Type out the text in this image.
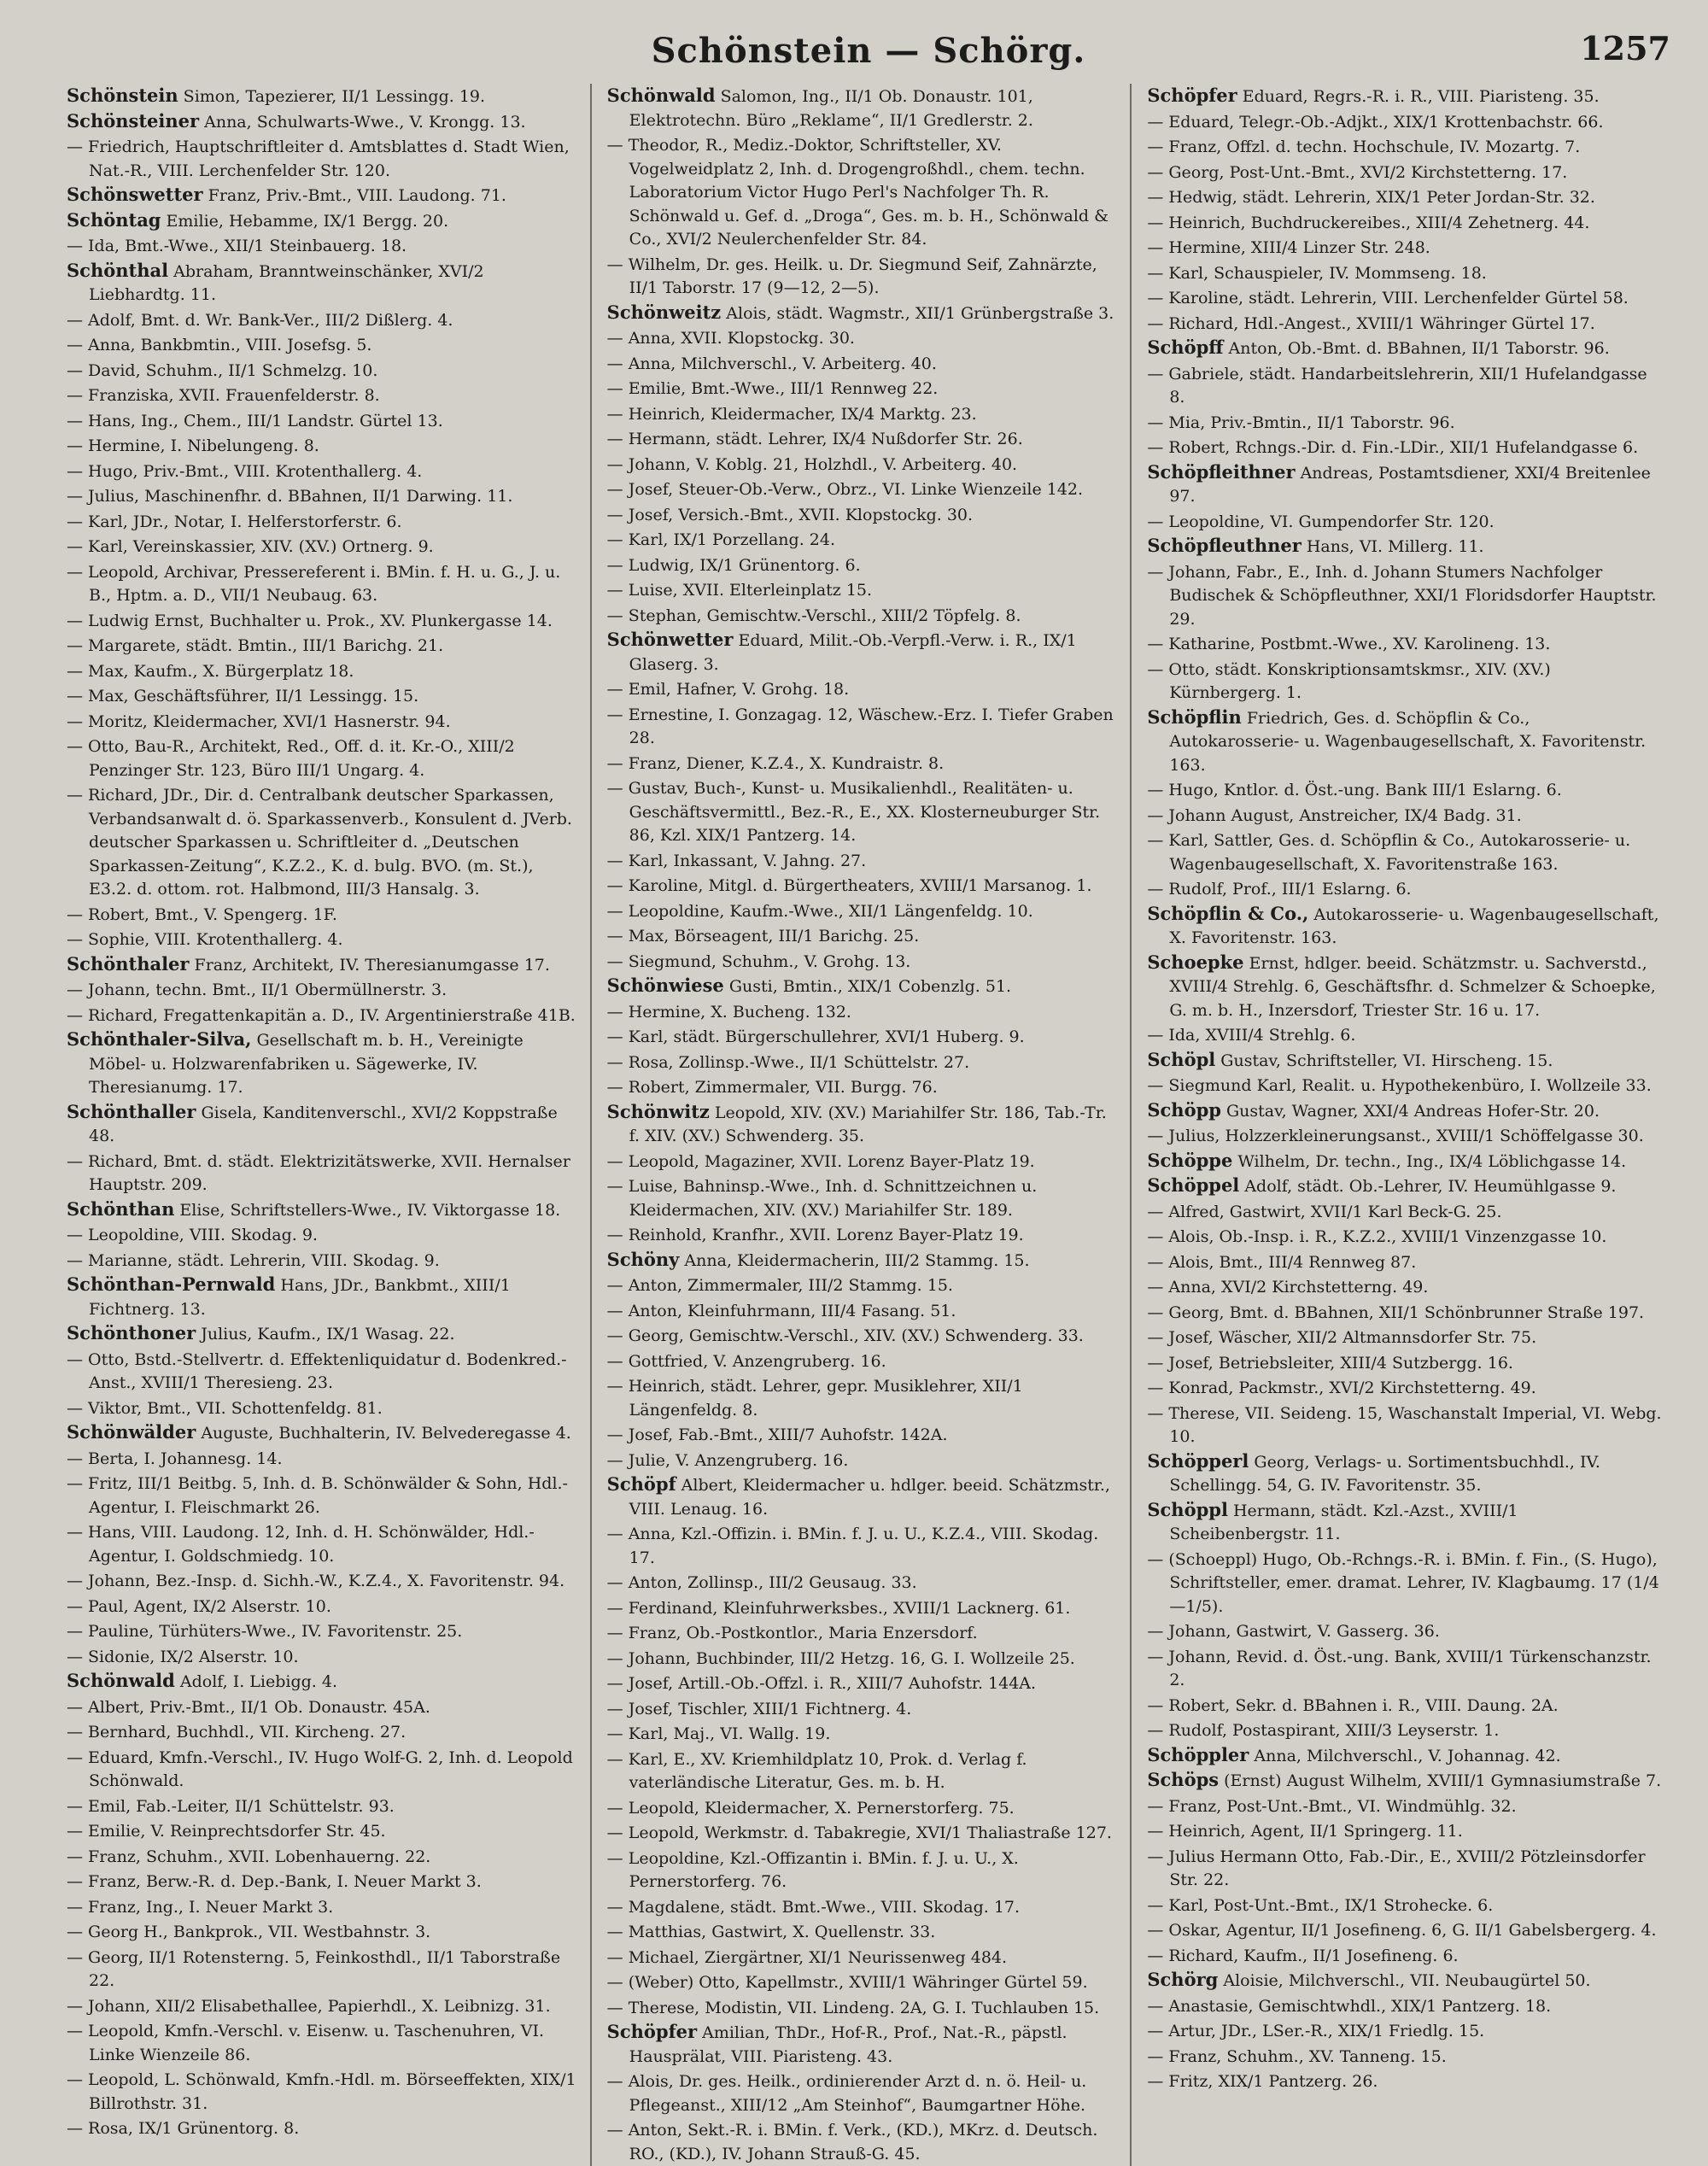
Schönstein — Schörg.	1257

Schönstein Simon, Tapezierer, II/1 Lessingg. 19.

Schönsteiner Anna, Schulwarts-Wwe., V. Krongg. 13.

— Friedrich, Hauptschriftleiter d. Amtsblattes d. Stadt Wien, Nat.-R., VIII. Lerchenfelder Str. 120.

Schönswetter Franz, Priv.-Bmt., VIII. Laudong. 71.

Schöntag Emilie, Hebamme, IX/1 Bergg. 20.

— Ida, Bmt.-Wwe., XII/1 Steinbauerg. 18.

Schönthal Abraham, Branntweinschänker, XVI/2 Liebhardtg. 11.

— Adolf, Bmt. d. Wr. Bank-Ver., III/2 Dißlerg. 4.

— Anna, Bankbmtin., VIII. Josefsg. 5.

— David, Schuhm., II/1 Schmelzg. 10.

— Franziska, XVII. Frauenfelderstr. 8.

— Hans, Ing., Chem., III/1 Landstr. Gürtel 13.

— Hermine, I. Nibelungeng. 8.

— Hugo, Priv.-Bmt., VIII. Krotenthallerg. 4.

— Julius, Maschinenfhr. d. BBahnen, II/1 Darwing. 11.

— Karl, JDr., Notar, I. Helferstorferstr. 6.

— Karl, Vereinskassier, XIV. (XV.) Ortnerg. 9.

— Leopold, Archivar, Pressereferent i. BMin. f. H. u. G., J. u. B., Hptm. a. D., VII/1 Neubaug. 63.

— Ludwig Ernst, Buchhalter u. Prok., XV. Plunkergasse 14.

— Margarete, städt. Bmtin., III/1 Barichg. 21.

— Max, Kaufm., X. Bürgerplatz 18.

— Max, Geschäftsführer, II/1 Lessingg. 15.

— Moritz, Kleidermacher, XVI/1 Hasnerstr. 94.

— Otto, Bau-R., Architekt, Red., Off. d. it. Kr.-O., XIII/2 Penzinger Str. 123, Büro III/1 Ungarg. 4.

— Richard, JDr., Dir. d. Centralbank deutscher Sparkassen, Verbandsanwalt d. ö. Sparkassenverb., Konsulent d. JVerb. deutscher Sparkassen u. Schriftleiter d. „Deutschen Sparkassen-Zeitung“, K.Z.2., K. d. bulg. BVO. (m. St.), E3.2. d. ottom. rot. Halbmond, III/3 Hansalg. 3.

— Robert, Bmt., V. Spengerg. 1F.

— Sophie, VIII. Krotenthallerg. 4.

Schönthaler Franz, Architekt, IV. Theresianumgasse 17.

— Johann, techn. Bmt., II/1 Obermüllnerstr. 3.

— Richard, Fregattenkapitän a. D., IV. Argentinierstraße 41B.

Schönthaler-Silva, Gesellschaft m. b. H., Vereinigte Möbel- u. Holzwarenfabriken u. Sägewerke, IV. Theresianumg. 17.

Schönthaller Gisela, Kanditenverschl., XVI/2 Koppstraße 48.

— Richard, Bmt. d. städt. Elektrizitätswerke, XVII. Hernalser Hauptstr. 209.

Schönthan Elise, Schriftstellers-Wwe., IV. Viktorgasse 18.

— Leopoldine, VIII. Skodag. 9.

— Marianne, städt. Lehrerin, VIII. Skodag. 9.

Schönthan-Pernwald Hans, JDr., Bankbmt., XIII/1 Fichtnerg. 13.

Schönthoner Julius, Kaufm., IX/1 Wasag. 22.

— Otto, Bstd.-Stellvertr. d. Effektenliquidatur d. Bodenkred.-Anst., XVIII/1 Theresieng. 23.

— Viktor, Bmt., VII. Schottenfeldg. 81.

Schönwälder Auguste, Buchhalterin, IV. Belvederegasse 4.

— Berta, I. Johannesg. 14.

— Fritz, III/1 Beitbg. 5, Inh. d. B. Schönwälder & Sohn, Hdl.-Agentur, I. Fleischmarkt 26.

— Hans, VIII. Laudong. 12, Inh. d. H. Schönwälder, Hdl.-Agentur, I. Goldschmiedg. 10.

— Johann, Bez.-Insp. d. Sichh.-W., K.Z.4., X. Favoritenstr. 94.

— Paul, Agent, IX/2 Alserstr. 10.

— Pauline, Türhüters-Wwe., IV. Favoritenstr. 25.

— Sidonie, IX/2 Alserstr. 10.

Schönwald Adolf, I. Liebigg. 4.

— Albert, Priv.-Bmt., II/1 Ob. Donaustr. 45A.

— Bernhard, Buchhdl., VII. Kircheng. 27.

— Eduard, Kmfn.-Verschl., IV. Hugo Wolf-G. 2, Inh. d. Leopold Schönwald.

— Emil, Fab.-Leiter, II/1 Schüttelstr. 93.

— Emilie, V. Reinprechtsdorfer Str. 45.

— Franz, Schuhm., XVII. Lobenhauerng. 22.

— Franz, Berw.-R. d. Dep.-Bank, I. Neuer Markt 3.

— Franz, Ing., I. Neuer Markt 3.

— Georg H., Bankprok., VII. Westbahnstr. 3.

— Georg, II/1 Rotensterng. 5, Feinkosthdl., II/1 Taborstraße 22.

— Johann, XII/2 Elisabethallee, Papierhdl., X. Leibnizg. 31.

— Leopold, Kmfn.-Verschl. v. Eisenw. u. Taschenuhren, VI. Linke Wienzeile 86.

— Leopold, L. Schönwald, Kmfn.-Hdl. m. Börseeffekten, XIX/1 Billrothstr. 31.

— Rosa, IX/1 Grünentorg. 8.

Schönwald Salomon, Ing., II/1 Ob. Donaustr. 101, Elektrotechn. Büro „Reklame“, II/1 Gredlerstr. 2.

— Theodor, R., Mediz.-Doktor, Schriftsteller, XV. Vogelweidplatz 2, Inh. d. Drogengroßhdl., chem. techn. Laboratorium Victor Hugo Perl's Nachfolger Th. R. Schönwald u. Gef. d. „Droga“, Ges. m. b. H., Schönwald & Co., XVI/2 Neulerchenfelder Str. 84.

— Wilhelm, Dr. ges. Heilk. u. Dr. Siegmund Seif, Zahnärzte, II/1 Taborstr. 17 (9—12, 2—5).

Schönweitz Alois, städt. Wagmstr., XII/1 Grünbergstraße 3.

— Anna, XVII. Klopstockg. 30.

— Anna, Milchverschl., V. Arbeiterg. 40.

— Emilie, Bmt.-Wwe., III/1 Rennweg 22.

— Heinrich, Kleidermacher, IX/4 Marktg. 23.

— Hermann, städt. Lehrer, IX/4 Nußdorfer Str. 26.

— Johann, V. Koblg. 21, Holzhdl., V. Arbeiterg. 40.

— Josef, Steuer-Ob.-Verw., Obrz., VI. Linke Wienzeile 142.

— Josef, Versich.-Bmt., XVII. Klopstockg. 30.

— Karl, IX/1 Porzellang. 24.

— Ludwig, IX/1 Grünentorg. 6.

— Luise, XVII. Elterleinplatz 15.

— Stephan, Gemischtw.-Verschl., XIII/2 Töpfelg. 8.

Schönwetter Eduard, Milit.-Ob.-Verpfl.-Verw. i. R., IX/1 Glaserg. 3.

— Emil, Hafner, V. Grohg. 18.

— Ernestine, I. Gonzagag. 12, Wäschew.-Erz. I. Tiefer Graben 28.

— Franz, Diener, K.Z.4., X. Kundraistr. 8.

— Gustav, Buch-, Kunst- u. Musikalienhdl., Realitäten- u. Geschäftsvermittl., Bez.-R., E., XX. Klosterneuburger Str. 86, Kzl. XIX/1 Pantzerg. 14.

— Karl, Inkassant, V. Jahng. 27.

— Karoline, Mitgl. d. Bürgertheaters, XVIII/1 Marsanog. 1.

— Leopoldine, Kaufm.-Wwe., XII/1 Längenfeldg. 10.

— Max, Börseagent, III/1 Barichg. 25.

— Siegmund, Schuhm., V. Grohg. 13.

Schönwiese Gusti, Bmtin., XIX/1 Cobenzlg. 51.

— Hermine, X. Bucheng. 132.

— Karl, städt. Bürgerschullehrer, XVI/1 Huberg. 9.

— Rosa, Zollinsp.-Wwe., II/1 Schüttelstr. 27.

— Robert, Zimmermaler, VII. Burgg. 76.

Schönwitz Leopold, XIV. (XV.) Mariahilfer Str. 186, Tab.-Tr. f. XIV. (XV.) Schwenderg. 35.

— Leopold, Magaziner, XVII. Lorenz Bayer-Platz 19.

— Luise, Bahninsp.-Wwe., Inh. d. Schnittzeichnen u. Kleidermachen, XIV. (XV.) Mariahilfer Str. 189.

— Reinhold, Kranfhr., XVII. Lorenz Bayer-Platz 19.

Schöny Anna, Kleidermacherin, III/2 Stammg. 15.

— Anton, Zimmermaler, III/2 Stammg. 15.

— Anton, Kleinfuhrmann, III/4 Fasang. 51.

— Georg, Gemischtw.-Verschl., XIV. (XV.) Schwenderg. 33.

— Gottfried, V. Anzengruberg. 16.

— Heinrich, städt. Lehrer, gepr. Musiklehrer, XII/1 Längenfeldg. 8.

— Josef, Fab.-Bmt., XIII/7 Auhofstr. 142A.

— Julie, V. Anzengruberg. 16.

Schöpf Albert, Kleidermacher u. hdlger. beeid. Schätzmstr., VIII. Lenaug. 16.

— Anna, Kzl.-Offizin. i. BMin. f. J. u. U., K.Z.4., VIII. Skodag. 17.

— Anton, Zollinsp., III/2 Geusaug. 33.

— Ferdinand, Kleinfuhrwerksbes., XVIII/1 Lacknerg. 61.

— Franz, Ob.-Postkontlor., Maria Enzersdorf.

— Johann, Buchbinder, III/2 Hetzg. 16, G. I. Wollzeile 25.

— Josef, Artill.-Ob.-Offzl. i. R., XIII/7 Auhofstr. 144A.

— Josef, Tischler, XIII/1 Fichtnerg. 4.

— Karl, Maj., VI. Wallg. 19.

— Karl, E., XV. Kriemhildplatz 10, Prok. d. Verlag f. vaterländische Literatur, Ges. m. b. H.

— Leopold, Kleidermacher, X. Pernerstorferg. 75.

— Leopold, Werkmstr. d. Tabakregie, XVI/1 Thaliastraße 127.

— Leopoldine, Kzl.-Offizantin i. BMin. f. J. u. U., X. Pernerstorferg. 76.

— Magdalene, städt. Bmt.-Wwe., VIII. Skodag. 17.

— Matthias, Gastwirt, X. Quellenstr. 33.

— Michael, Ziergärtner, XI/1 Neurissenweg 484.

— (Weber) Otto, Kapellmstr., XVIII/1 Währinger Gürtel 59.

— Therese, Modistin, VII. Lindeng. 2A, G. I. Tuchlauben 15.

Schöpfer Amilian, ThDr., Hof-R., Prof., Nat.-R., päpstl. Hausprälat, VIII. Piaristeng. 43.

— Alois, Dr. ges. Heilk., ordinierender Arzt d. n. ö. Heil- u. Pflegeanst., XIII/12 „Am Steinhof“, Baumgartner Höhe.

— Anton, Sekt.-R. i. BMin. f. Verk., (KD.), MKrz. d. Deutsch. RO., (KD.), IV. Johann Strauß-G. 45.

Schöpfer Eduard, Regrs.-R. i. R., VIII. Piaristeng. 35.

— Eduard, Telegr.-Ob.-Adjkt., XIX/1 Krottenbachstr. 66.

— Franz, Offzl. d. techn. Hochschule, IV. Mozartg. 7.

— Georg, Post-Unt.-Bmt., XVI/2 Kirchstetterng. 17.

— Hedwig, städt. Lehrerin, XIX/1 Peter Jordan-Str. 32.

— Heinrich, Buchdruckereibes., XIII/4 Zehetnerg. 44.

— Hermine, XIII/4 Linzer Str. 248.

— Karl, Schauspieler, IV. Mommseng. 18.

— Karoline, städt. Lehrerin, VIII. Lerchenfelder Gürtel 58.

— Richard, Hdl.-Angest., XVIII/1 Währinger Gürtel 17.

Schöpff Anton, Ob.-Bmt. d. BBahnen, II/1 Taborstr. 96.

— Gabriele, städt. Handarbeitslehrerin, XII/1 Hufelandgasse 8.

— Mia, Priv.-Bmtin., II/1 Taborstr. 96.

— Robert, Rchngs.-Dir. d. Fin.-LDir., XII/1 Hufelandgasse 6.

Schöpfleithner Andreas, Postamtsdiener, XXI/4 Breitenlee 97.

— Leopoldine, VI. Gumpendorfer Str. 120.

Schöpfleuthner Hans, VI. Millerg. 11.

— Johann, Fabr., E., Inh. d. Johann Stumers Nachfolger Budischek & Schöpfleuthner, XXI/1 Floridsdorfer Hauptstr. 29.

— Katharine, Postbmt.-Wwe., XV. Karolineng. 13.

— Otto, städt. Konskriptionsamtskmsr., XIV. (XV.) Kürnbergerg. 1.

Schöpflin Friedrich, Ges. d. Schöpflin & Co., Autokarosserie- u. Wagenbaugesellschaft, X. Favoritenstr. 163.

— Hugo, Kntlor. d. Öst.-ung. Bank III/1 Eslarng. 6.

— Johann August, Anstreicher, IX/4 Badg. 31.

— Karl, Sattler, Ges. d. Schöpflin & Co., Autokarosserie- u. Wagenbaugesellschaft, X. Favoritenstraße 163.

— Rudolf, Prof., III/1 Eslarng. 6.

Schöpflin & Co., Autokarosserie- u. Wagenbaugesellschaft, X. Favoritenstr. 163.

Schoepke Ernst, hdlger. beeid. Schätzmstr. u. Sachverstd., XVIII/4 Strehlg. 6, Geschäftsfhr. d. Schmelzer & Schoepke, G. m. b. H., Inzersdorf, Triester Str. 16 u. 17.

— Ida, XVIII/4 Strehlg. 6.

Schöpl Gustav, Schriftsteller, VI. Hirscheng. 15.

— Siegmund Karl, Realit. u. Hypothekenbüro, I. Wollzeile 33.

Schöpp Gustav, Wagner, XXI/4 Andreas Hofer-Str. 20.

— Julius, Holzzerkleinerungsanst., XVIII/1 Schöffelgasse 30.

Schöppe Wilhelm, Dr. techn., Ing., IX/4 Löblichgasse 14.

Schöppel Adolf, städt. Ob.-Lehrer, IV. Heumühlgasse 9.

— Alfred, Gastwirt, XVII/1 Karl Beck-G. 25.

— Alois, Ob.-Insp. i. R., K.Z.2., XVIII/1 Vinzenzgasse 10.

— Alois, Bmt., III/4 Rennweg 87.

— Anna, XVI/2 Kirchstetterng. 49.

— Georg, Bmt. d. BBahnen, XII/1 Schönbrunner Straße 197.

— Josef, Wäscher, XII/2 Altmannsdorfer Str. 75.

— Josef, Betriebsleiter, XIII/4 Sutzbergg. 16.

— Konrad, Packmstr., XVI/2 Kirchstetterng. 49.

— Therese, VII. Seideng. 15, Waschanstalt Imperial, VI. Webg. 10.

Schöpperl Georg, Verlags- u. Sortimentsbuchhdl., IV. Schellingg. 54, G. IV. Favoritenstr. 35.

Schöppl Hermann, städt. Kzl.-Azst., XVIII/1 Scheibenbergstr. 11.

— (Schoeppl) Hugo, Ob.-Rchngs.-R. i. BMin. f. Fin., (S. Hugo), Schriftsteller, emer. dramat. Lehrer, IV. Klagbaumg. 17 (1/4—1/5).

— Johann, Gastwirt, V. Gasserg. 36.

— Johann, Revid. d. Öst.-ung. Bank, XVIII/1 Türkenschanzstr. 2.

— Robert, Sekr. d. BBahnen i. R., VIII. Daung. 2A.

— Rudolf, Postaspirant, XIII/3 Leyserstr. 1.

Schöppler Anna, Milchverschl., V. Johannag. 42.

Schöps (Ernst) August Wilhelm, XVIII/1 Gymnasiumstraße 7.

— Franz, Post-Unt.-Bmt., VI. Windmühlg. 32.

— Heinrich, Agent, II/1 Springerg. 11.

— Julius Hermann Otto, Fab.-Dir., E., XVIII/2 Pötzleinsdorfer Str. 22.

— Karl, Post-Unt.-Bmt., IX/1 Strohecke. 6.

— Oskar, Agentur, II/1 Josefineng. 6, G. II/1 Gabelsbergerg. 4.

— Richard, Kaufm., II/1 Josefineng. 6.

Schörg Aloisie, Milchverschl., VII. Neubaugürtel 50.

— Anastasie, Gemischtwhdl., XIX/1 Pantzerg. 18.

— Artur, JDr., LSer.-R., XIX/1 Friedlg. 15.

— Franz, Schuhm., XV. Tanneng. 15.

— Fritz, XIX/1 Pantzerg. 26.
